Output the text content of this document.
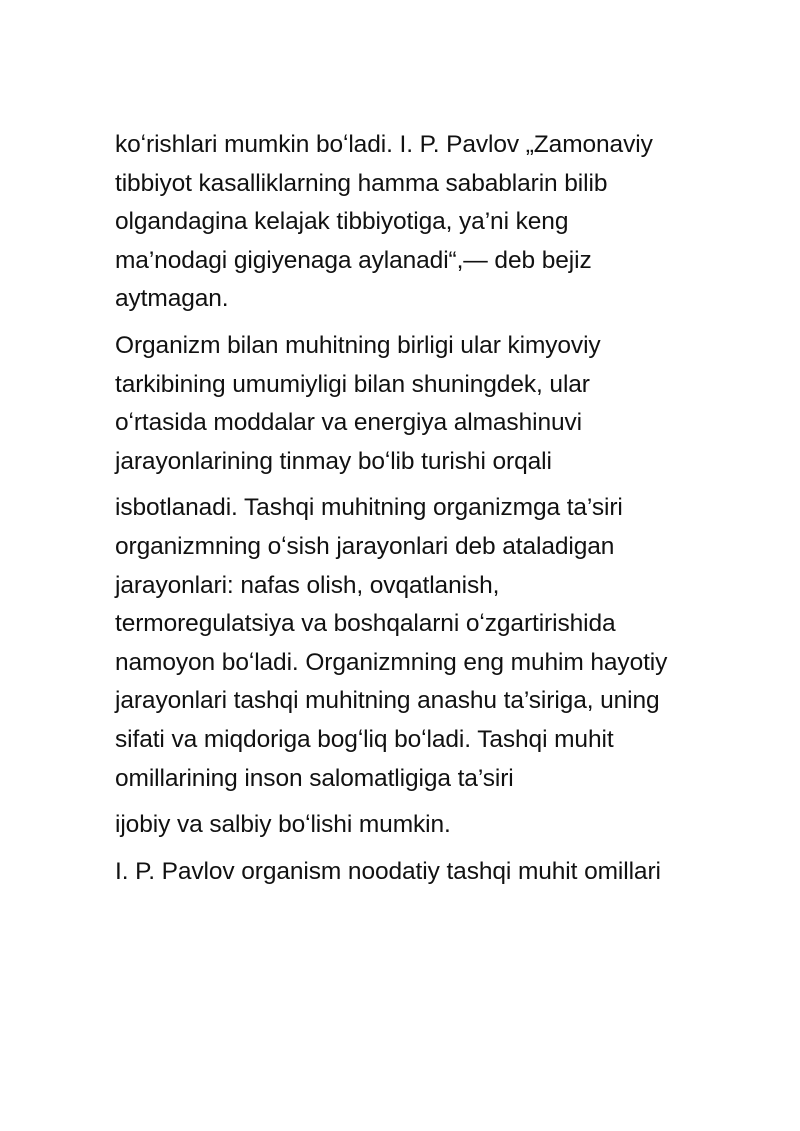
koʻrishlari mumkin boʻladi. I. P. Pavlov „Zamonaviy
tibbiyot kasalliklarning hamma sabablarin bilib
olgandagina kelajak tibbiyotiga, ya’ni keng
ma’nodagi gigiyenaga aylanadi“,— deb bejiz
aytmagan.

Organizm bilan muhitning birligi ular kimyoviy
tarkibining umumiyligi bilan shuningdek, ular
oʻrtasida moddalar va energiya almashinuvi
jarayonlarining tinmay boʻlib turishi orqali

isbotlanadi. Tashqi muhitning organizmga ta’siri
organizmning oʻsish jarayonlari deb ataladigan
jarayonlari: nafas olish, ovqatlanish,
termoregulatsiya va boshqalarni oʻzgartirishida
namoyon boʻladi. Organizmning eng muhim hayotiy
jarayonlari tashqi muhitning anashu ta’siriga, uning
sifati va miqdoriga bogʻliq boʻladi. Tashqi muhit
omillarining inson salomatligiga ta’siri

ijobiy va salbiy boʻlishi mumkin.

I. P. Pavlov organism noodatiy tashqi muhit omillari
